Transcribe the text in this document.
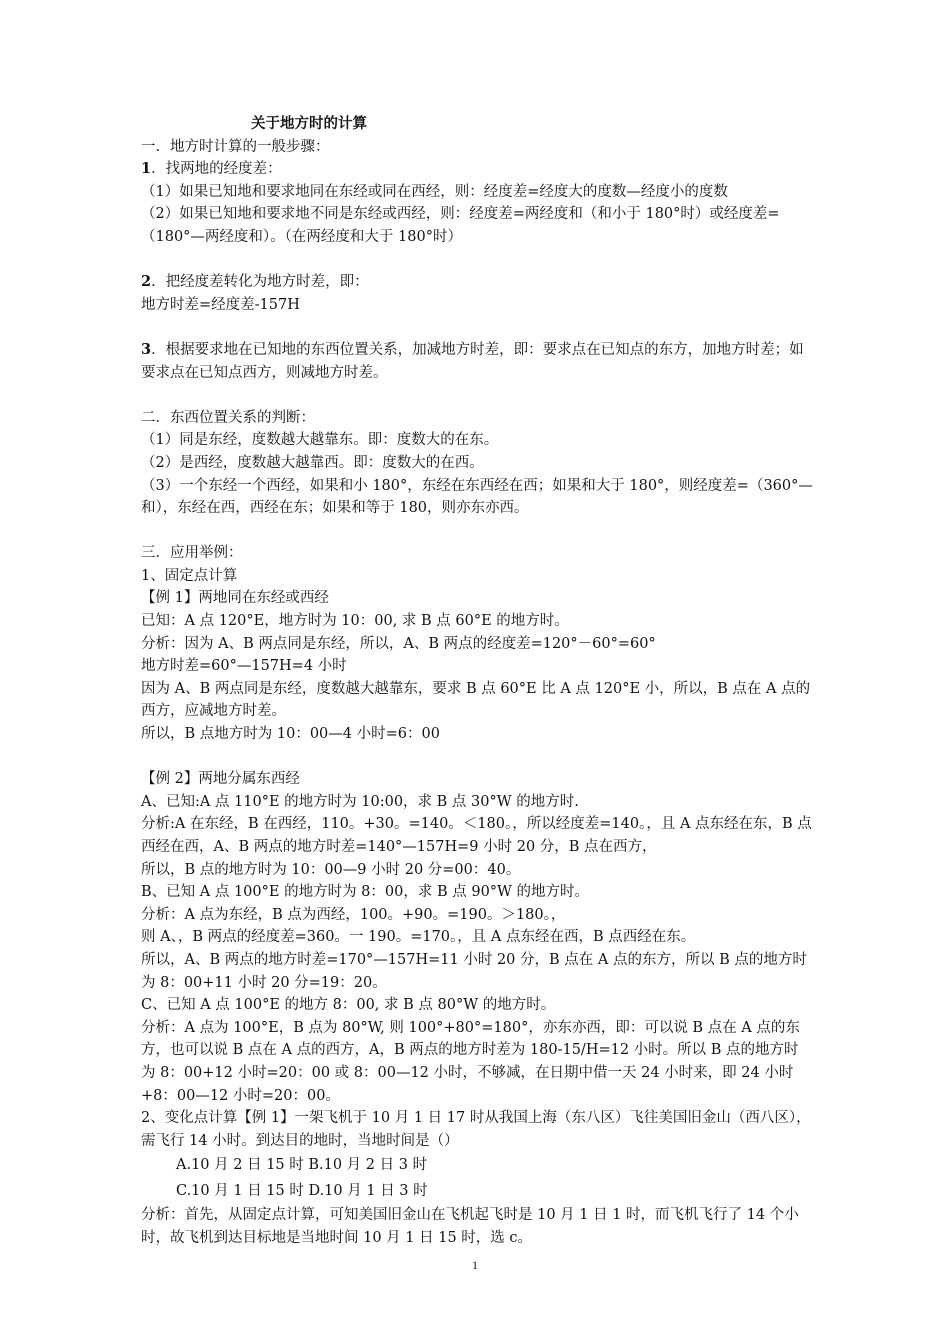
关于地方时的计算
一．地方时计算的一般步骤：
1．找两地的经度差：
（1）如果已知地和要求地同在东经或同在西经，则：经度差=经度大的度数—经度小的度数
（2）如果已知地和要求地不同是东经或西经，则：经度差=两经度和（和小于 180°时）或经度差=（180°—两经度和）。（在两经度和大于 180°时）
2．把经度差转化为地方时差，即：
地方时差=经度差-157H
3．根据要求地在已知地的东西位置关系，加减地方时差，即：要求点在已知点的东方，加地方时差；如要求点在已知点西方，则减地方时差。
二．东西位置关系的判断：
（1）同是东经，度数越大越靠东。即：度数大的在东。
（2）是西经，度数越大越靠西。即：度数大的在西。
（3）一个东经一个西经，如果和小 180°，东经在东西经在西；如果和大于 180°，则经度差=（360°—和），东经在西，西经在东；如果和等于 180，则亦东亦西。
三．应用举例：
1、固定点计算
【例 1】两地同在东经或西经
已知：A 点 120°E，地方时为 10：00, 求 B 点 60°E 的地方时。
分析：因为 A、B 两点同是东经，所以，A、B 两点的经度差=120°－60°=60°
地方时差=60°—157H=4 小时
因为 A、B 两点同是东经，度数越大越靠东，要求 B 点 60°E 比 A 点 120°E 小，所以，B 点在 A 点的西方，应减地方时差。
所以，B 点地方时为 10：00—4 小时=6：00
【例 2】两地分属东西经
A、已知:A 点 110°E 的地方时为 10:00，求 B 点 30°W 的地方时.
分析:A 在东经，B 在西经，110。+30。=140。＜180。，所以经度差=140。，且 A 点东经在东，B 点西经在西，A、B 两点的地方时差=140°—157H=9 小时 20 分，B 点在西方，
所以，B 点的地方时为 10：00—9 小时 20 分=00：40。
B、已知 A 点 100°E 的地方时为 8：00，求 B 点 90°W 的地方时。
分析：A 点为东经，B 点为西经，100。+90。=190。＞180。，
则 A、，B 两点的经度差=360。一 190。=170。，且 A 点东经在西，B 点西经在东。
所以，A、B 两点的地方时差=170°—157H=11 小时 20 分，B 点在 A 点的东方，所以 B 点的地方时为 8：00+11 小时 20 分=19：20。
C、已知 A 点 100°E 的地方 8：00, 求 B 点 80°W 的地方时。
分析：A 点为 100°E，B 点为 80°W, 则 100°+80°=180°，亦东亦西，即：可以说 B 点在 A 点的东方，也可以说 B 点在 A 点的西方，A，B 两点的地方时差为 180-15/H=12 小时。所以 B 点的地方时为 8：00+12 小时=20：00 或 8：00—12 小时，不够减，在日期中借一天 24 小时来，即 24 小时+8：00—12 小时=20：00。
2、变化点计算【例 1】一架飞机于 10 月 1 日 17 时从我国上海（东八区）飞往美国旧金山（西八区），需飞行 14 小时。到达目的地时，当地时间是（）
A.10 月 2 日 15 时 B.10 月 2 日 3 时
C.10 月 1 日 15 时 D.10 月 1 日 3 时
分析：首先，从固定点计算，可知美国旧金山在飞机起飞时是 10 月 1 日 1 时，而飞机飞行了 14 个小时，故飞机到达目标地是当地时间 10 月 1 日 15 时，选 c。
1
